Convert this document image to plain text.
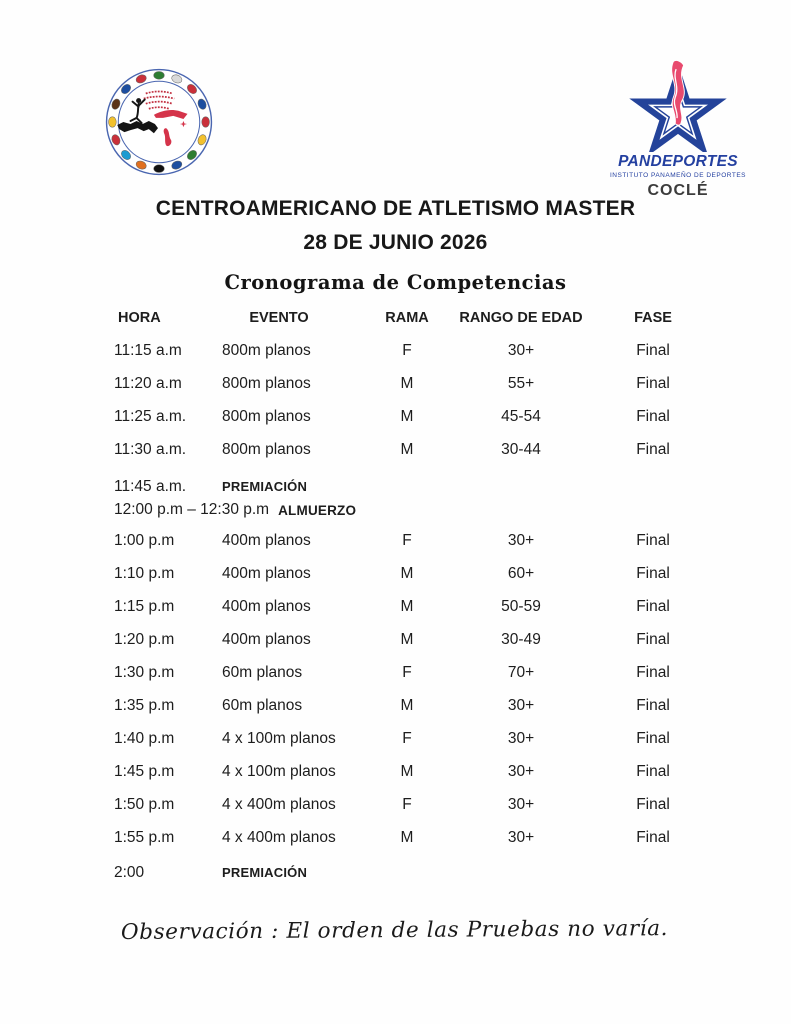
PANDEPORTES
INSTITUTO PANAMEÑO DE DEPORTES
COCLÉ
CENTROAMERICANO DE ATLETISMO MASTER
28 DE JUNIO 2026
Cronograma de Competencias
HORA	EVENTO	RAMA	RANGO DE EDAD	FASE
11:15 a.m	800m planos	F	30+	Final
11:20 a.m	800m planos	M	55+	Final
11:25 a.m.	800m planos	M	45-54	Final
11:30 a.m.	800m planos	M	30-44	Final
11:45 a.m.	PREMIACIÓN
12:00 p.m – 12:30 p.m ALMUERZO
1:00 p.m	400m planos	F	30+	Final
1:10 p.m	400m planos	M	60+	Final
1:15 p.m	400m planos	M	50-59	Final
1:20 p.m	400m planos	M	30-49	Final
1:30 p.m	60m planos	F	70+	Final
1:35 p.m	60m planos	M	30+	Final
1:40 p.m	4 x 100m planos	F	30+	Final
1:45 p.m	4 x 100m planos	M	30+	Final
1:50 p.m	4 x 400m planos	F	30+	Final
1:55 p.m	4 x 400m planos	M	30+	Final
2:00	PREMIACIÓN
Observación : El orden de las Pruebas no varía.
